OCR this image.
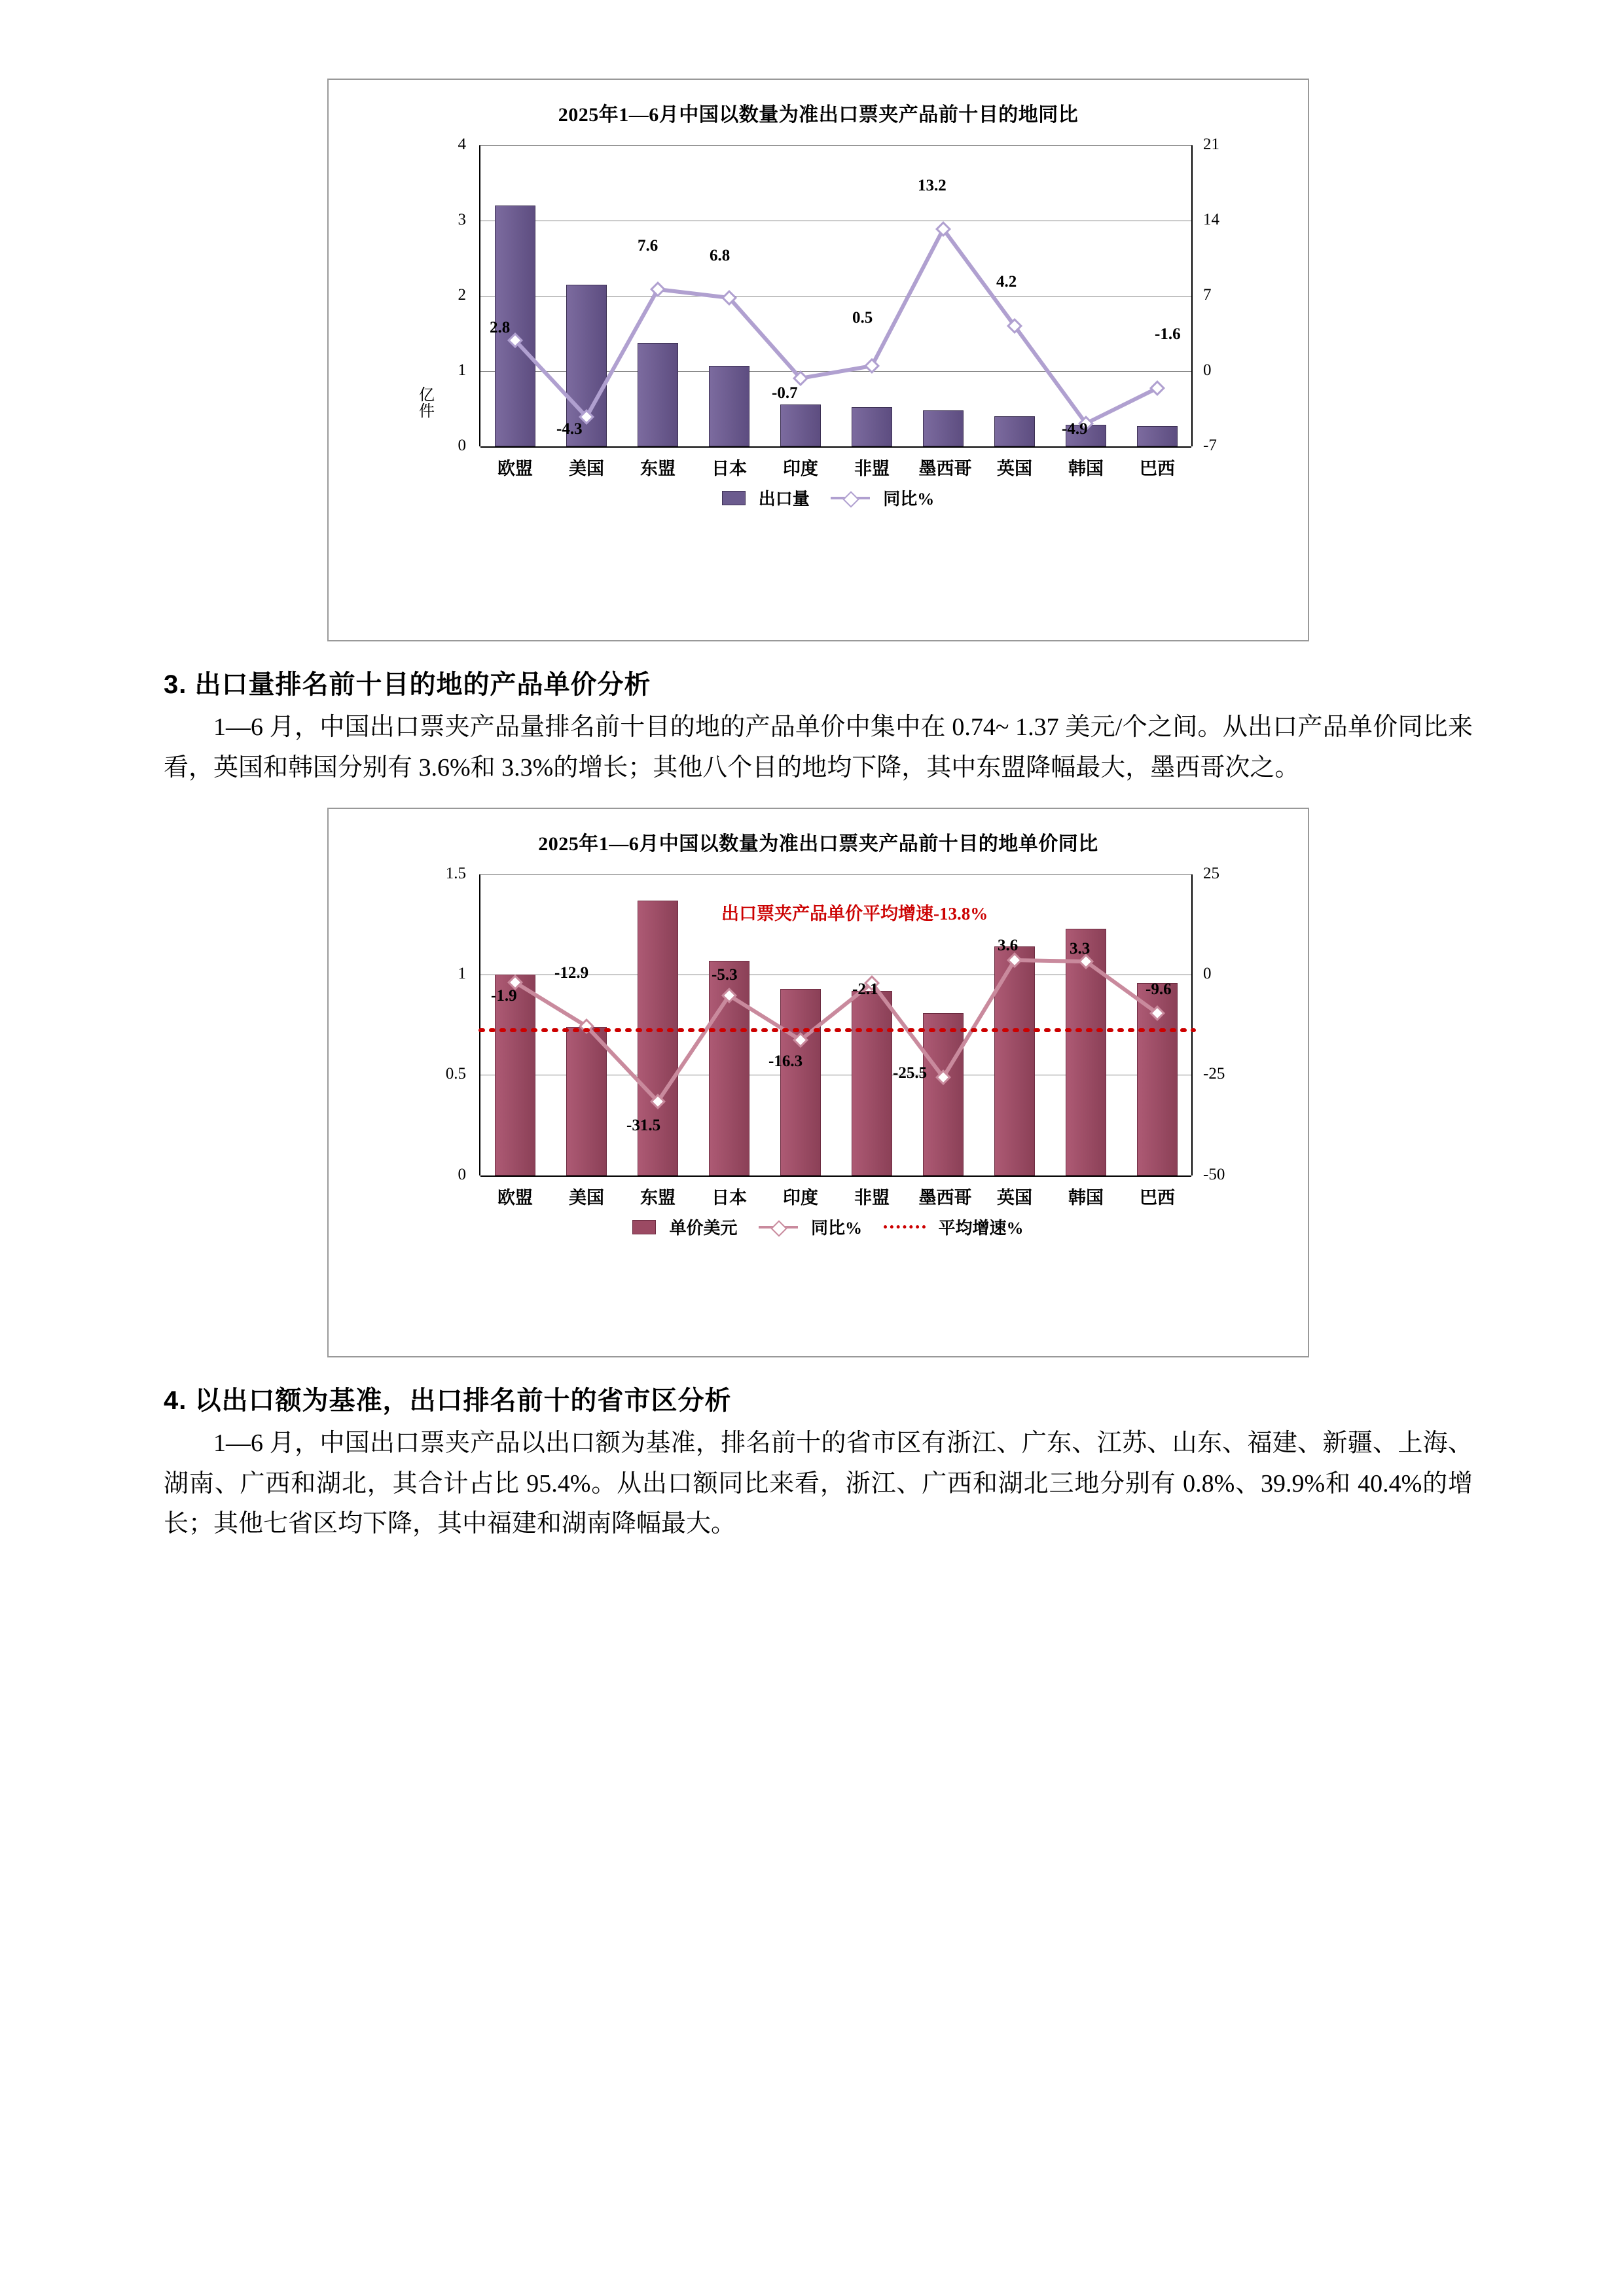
2025年1—6月中国以数量为准出口票夹产品前十目的地同比
4
3
2
1
0
21
14
7
0
-7
亿
件
欧盟	美国	东盟	日本	印度	非盟	墨西哥	英国	韩国	巴西
2.8
-4.3
7.6
6.8
-0.7
0.5
13.2
4.2
-4.9
-1.6
出口量	同比%
3. 出口量排名前十目的地的产品单价分析

1—6 月，中国出口票夹产品量排名前十目的地的产品单价中集中在 0.74~ 1.37 美元/个之间。从出口产品单价同比来看，英国和韩国分别有 3.6%和 3.3%的增长；其他八个目的地均下降，其中东盟降幅最大，墨西哥次之。

2025年1—6月中国以数量为准出口票夹产品前十目的地单价同比
1.5
1
0.5
0
25
0
-25
-50
出口票夹产品单价平均增速-13.8%
欧盟	美国	东盟	日本	印度	非盟	墨西哥	英国	韩国	巴西
-1.9
-12.9
-31.5
-5.3
-16.3
-2.1
-25.5
3.6	3.3
-9.6
单价美元	同比%	平均增速%
4. 以出口额为基准，出口排名前十的省市区分析

1—6 月，中国出口票夹产品以出口额为基准，排名前十的省市区有浙江、广东、江苏、山东、福建、新疆、上海、湖南、广西和湖北，其合计占比 95.4%。从出口额同比来看，浙江、广西和湖北三地分别有 0.8%、39.9%和 40.4%的增长；其他七省区均下降，其中福建和湖南降幅最大。
